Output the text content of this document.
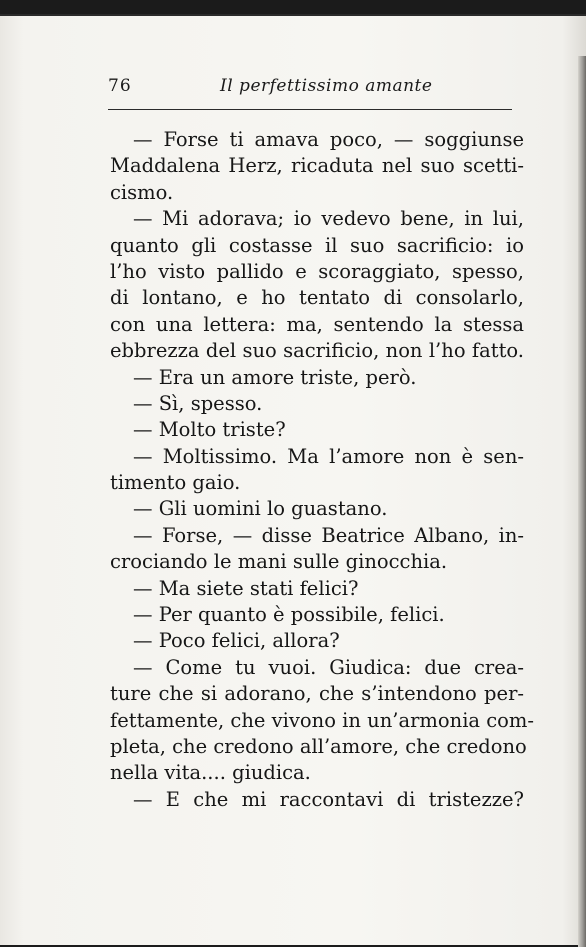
76	Il perfettissimo amante
— Forse ti amava poco, — soggiunse
Maddalena Herz, ricaduta nel suo scetti-
cismo.
— Mi adorava; io vedevo bene, in lui,
quanto gli costasse il suo sacrificio: io
l’ho visto pallido e scoraggiato, spesso,
di lontano, e ho tentato di consolarlo,
con una lettera: ma, sentendo la stessa
ebbrezza del suo sacrificio, non l’ho fatto.
— Era un amore triste, però.
— Sì, spesso.
— Molto triste?
— Moltissimo. Ma l’amore non è sen-
timento gaio.
— Gli uomini lo guastano.
— Forse, — disse Beatrice Albano, in-
crociando le mani sulle ginocchia.
— Ma siete stati felici?
— Per quanto è possibile, felici.
— Poco felici, allora?
— Come tu vuoi. Giudica: due crea-
ture che si adorano, che s’intendono per-
fettamente, che vivono in un’armonia com-
pleta, che credono all’amore, che credono
nella vita.... giudica.
— E che mi raccontavi di tristezze?
